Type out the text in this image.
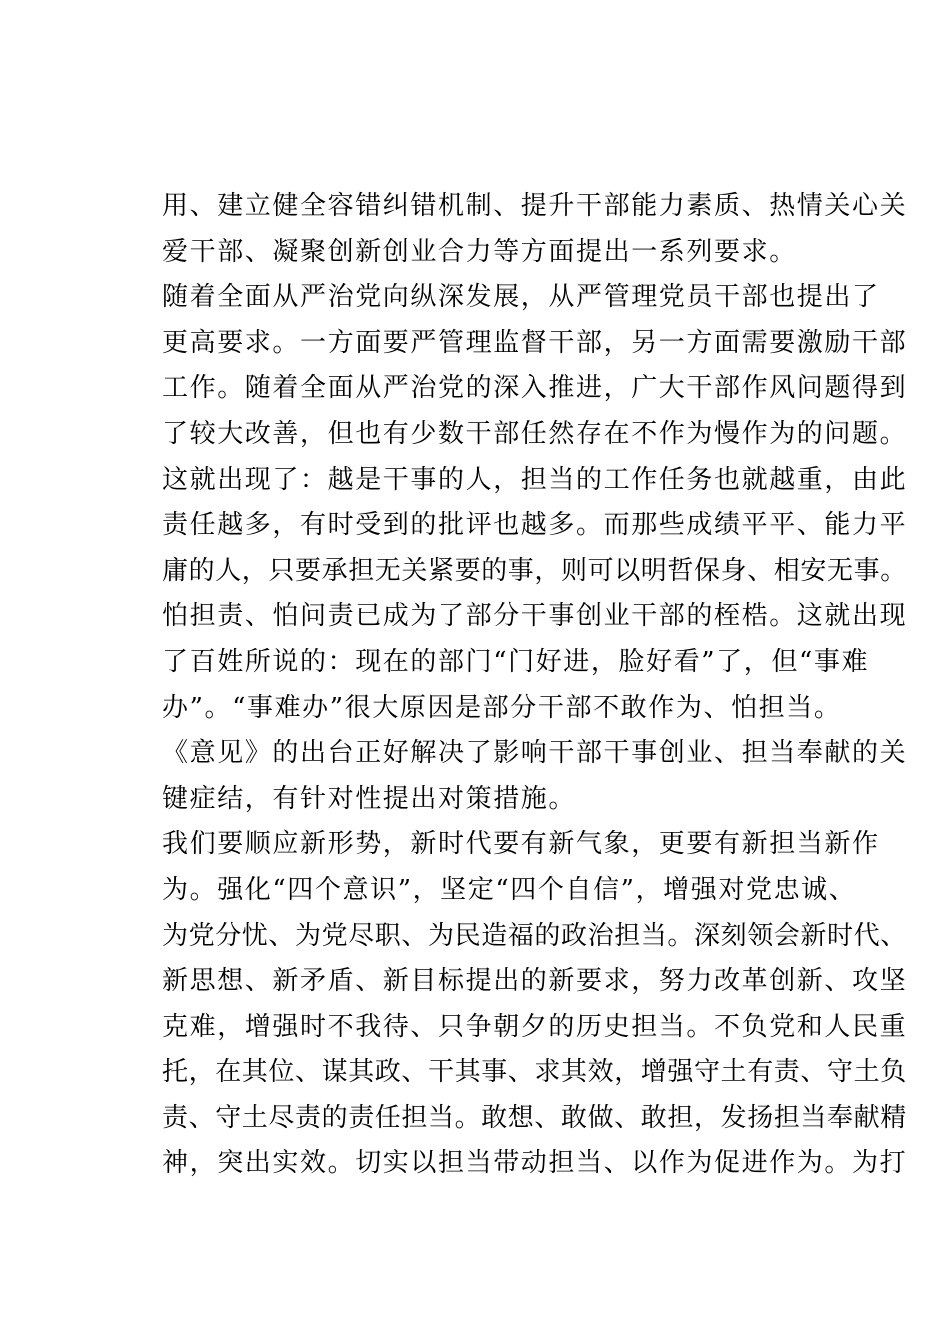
用、建立健全容错纠错机制、提升干部能力素质、热情关心关
爱干部、凝聚创新创业合力等方面提出一系列要求。
随着全面从严治党向纵深发展，从严管理党员干部也提出了
更高要求。一方面要严管理监督干部，另一方面需要激励干部
工作。随着全面从严治党的深入推进，广大干部作风问题得到
了较大改善，但也有少数干部任然存在不作为慢作为的问题。
这就出现了：越是干事的人，担当的工作任务也就越重，由此
责任越多，有时受到的批评也越多。而那些成绩平平、能力平
庸的人，只要承担无关紧要的事，则可以明哲保身、相安无事。
怕担责、怕问责已成为了部分干事创业干部的桎梏。这就出现
了百姓所说的：现在的部门“门好进，脸好看”了，但“事难
办”。“事难办”很大原因是部分干部不敢作为、怕担当。
《意见》的出台正好解决了影响干部干事创业、担当奉献的关
键症结，有针对性提出对策措施。
我们要顺应新形势，新时代要有新气象，更要有新担当新作
为。强化“四个意识”，坚定“四个自信”，增强对党忠诚、
为党分忧、为党尽职、为民造福的政治担当。深刻领会新时代、
新思想、新矛盾、新目标提出的新要求，努力改革创新、攻坚
克难，增强时不我待、只争朝夕的历史担当。不负党和人民重
托，在其位、谋其政、干其事、求其效，增强守土有责、守土负
责、守土尽责的责任担当。敢想、敢做、敢担，发扬担当奉献精
神，突出实效。切实以担当带动担当、以作为促进作为。为打
